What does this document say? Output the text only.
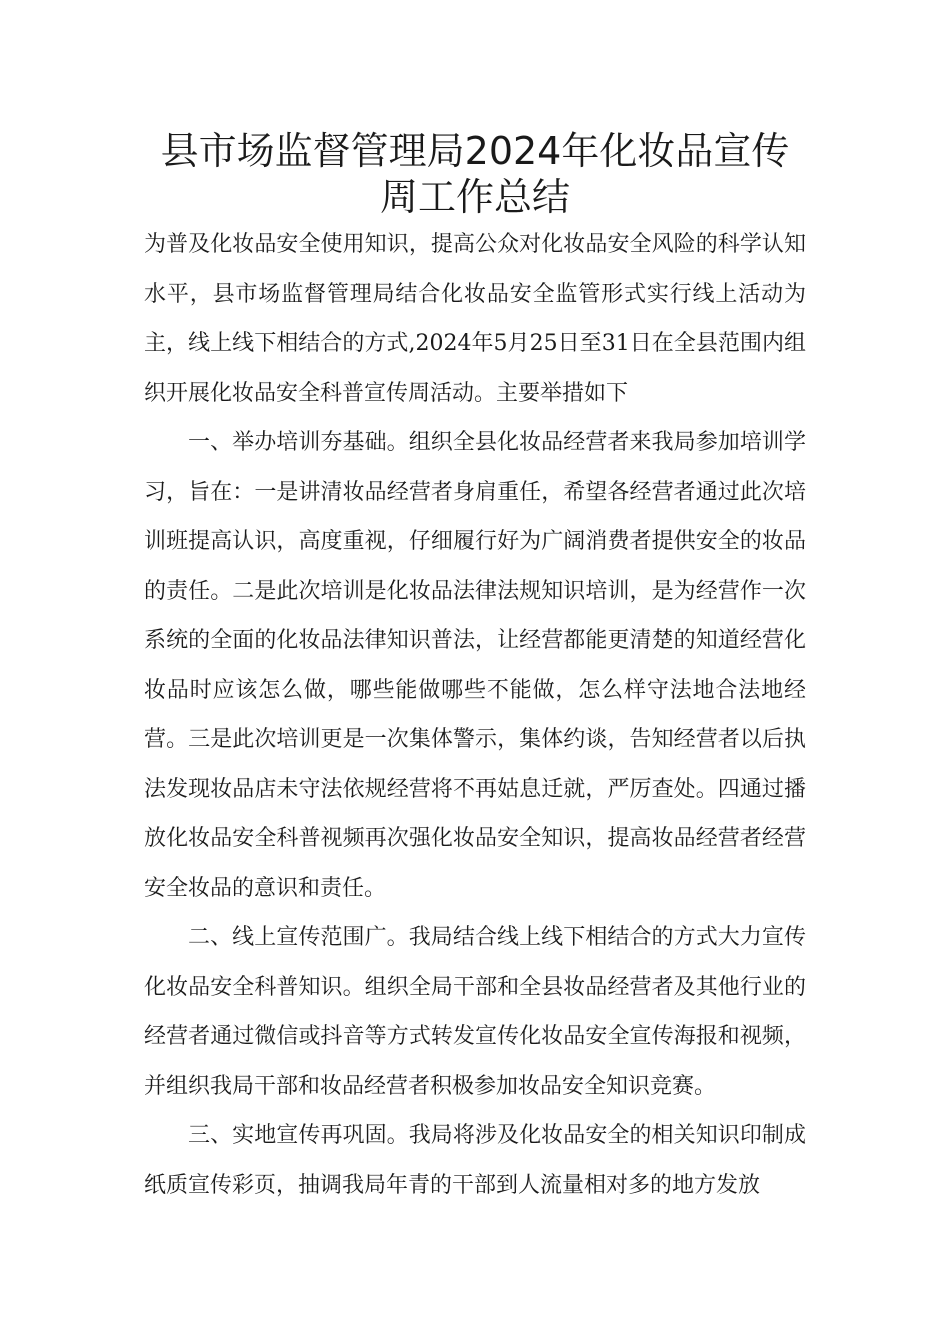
县市场监督管理局2024年化妆品宣传周工作总结

为普及化妆品安全使用知识，提高公众对化妆品安全风险的科学认知水平，县市场监督管理局结合化妆品安全监管形式实行线上活动为主，线上线下相结合的方式,2024年5月25日至31日在全县范围内组织开展化妆品安全科普宣传周活动。主要举措如下

一、举办培训夯基础。组织全县化妆品经营者来我局参加培训学习，旨在：一是讲清妆品经营者身肩重任，希望各经营者通过此次培训班提高认识，高度重视，仔细履行好为广阔消费者提供安全的妆品的责任。二是此次培训是化妆品法律法规知识培训，是为经营作一次系统的全面的化妆品法律知识普法，让经营都能更清楚的知道经营化妆品时应该怎么做，哪些能做哪些不能做，怎么样守法地合法地经营。三是此次培训更是一次集体警示，集体约谈，告知经营者以后执法发现妆品店未守法依规经营将不再姑息迁就，严厉查处。四通过播放化妆品安全科普视频再次强化妆品安全知识，提高妆品经营者经营安全妆品的意识和责任。

二、线上宣传范围广。我局结合线上线下相结合的方式大力宣传化妆品安全科普知识。组织全局干部和全县妆品经营者及其他行业的经营者通过微信或抖音等方式转发宣传化妆品安全宣传海报和视频，并组织我局干部和妆品经营者积极参加妆品安全知识竞赛。

三、实地宣传再巩固。我局将涉及化妆品安全的相关知识印制成纸质宣传彩页，抽调我局年青的干部到人流量相对多的地方发放
